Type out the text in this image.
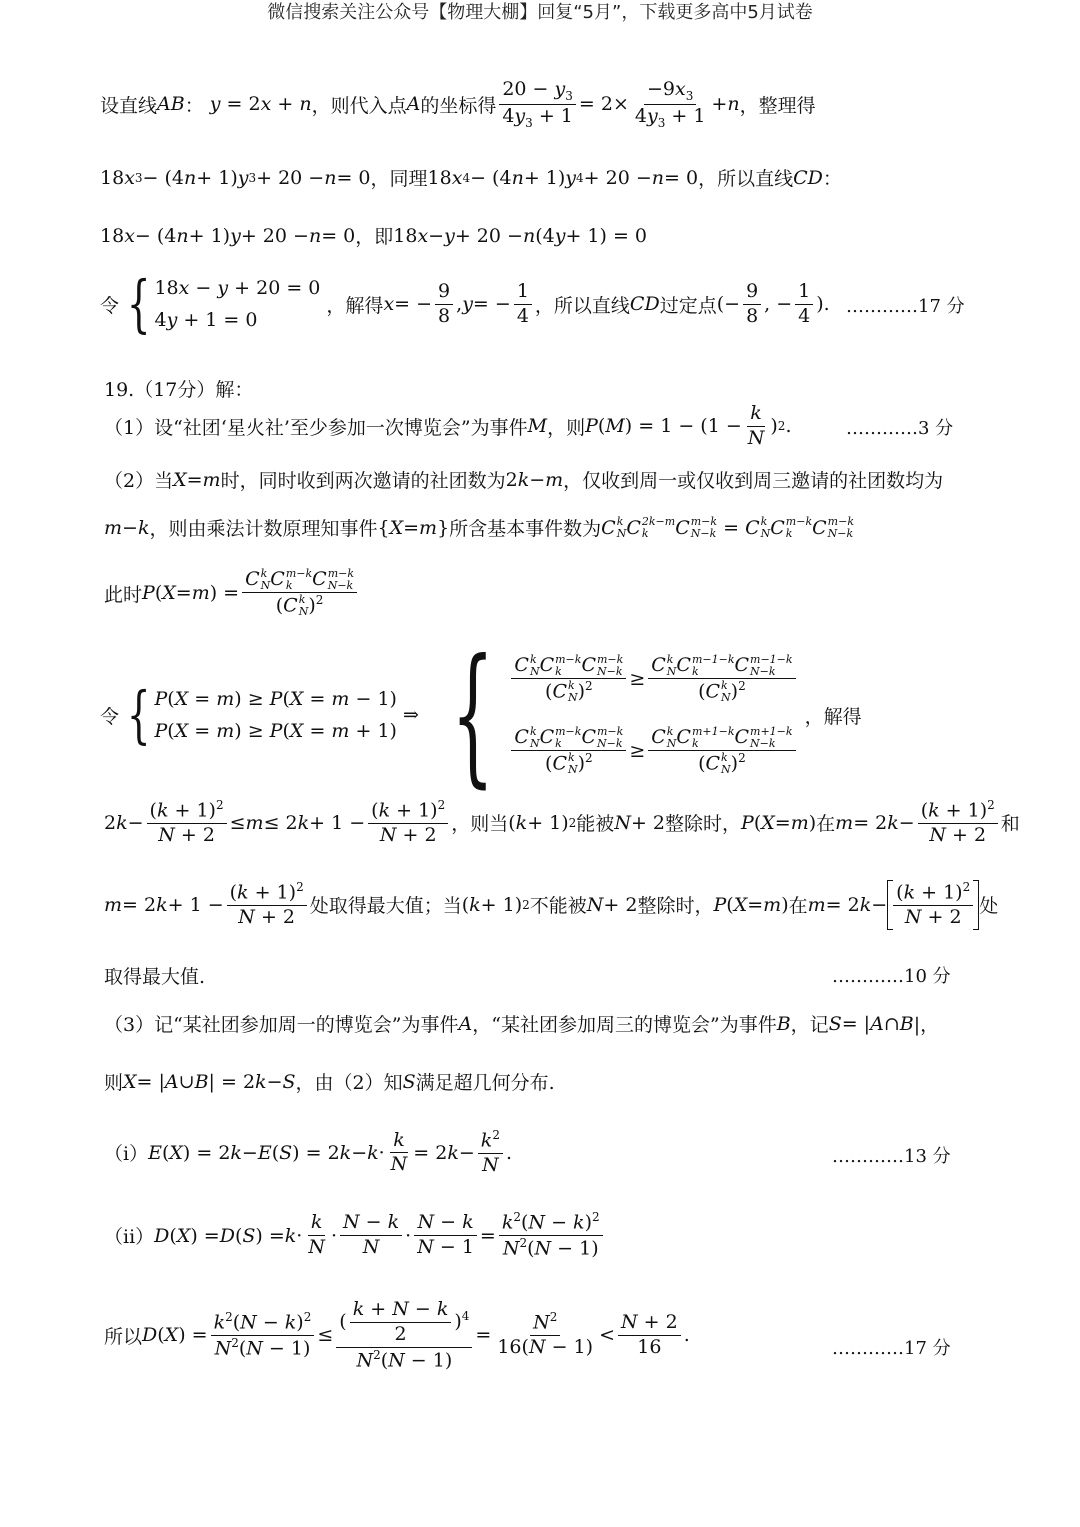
微信搜索关注公众号【物理大棚】回复“5月”，下载更多高中5月试卷
设直线 AB ：
y = 2 x + n ，则代入点 A 的坐标得 $\frac{20 - y_3}{4y_3 + 1} = 2\times \frac{-9x_3}{4y_3 + 1} + n$ ，整理得
18 x 3 − (4 n + 1) y 3 + 20 − n = 0 ，同理 18 x 4 − (4 n + 1) y 4 + 20 − n = 0 ，所以直线 CD ：
18 x − (4 n + 1) y + 20 − n = 0 ，即 18 x − y + 20 − n (4 y + 1) = 0
令 { 18x − y + 20 = 0
4y + 1 = 0

，解得 x = − $\frac{9}{8}$ , y = − $\frac{1}{4}$ ，所以直线 CD 过定点 (− $\frac{9}{8}$ , − $\frac{1}{4}$ ). …………17 分
19.（17分）解：
（1）设“社团‘星火社’至少参加一次博览会”为事件 M ，则 P ( M ) = $1 - (1 - \frac{k}{N}$ ) 2 .	…………3 分
（2）当 X = m 时，同时收到两次邀请的社团数为 2 k − m ，仅收到周一或仅收到周三邀请的社团数均为
m − k ，则由乘法计数原理知事件 { X = m } 所含基本事件数为 C k
N C 2k−m
k	C m−k
N−k = C k
N C m−k
k	C m−k
N−k
此时 P ( X = m ) = C k
N C m−k
k	C m−k
N−k
(C k
N )$^2$
令 { P(X = m) ≥ P(X = m − 1)
P(X = m) ≥ P(X = m + 1)
⇒ { C k
N C m−k
k	C m−k
N−k
(C k
N )$^2$ ≥ C k
N C m−1−k
k	C m−1−k
N−k
(C k
N )$^2$
C k
N C m−k
k	C m−k
N−k
(C k
N )$^2$ ≥ C k
N C m+1−k
k	C m+1−k
N−k
(C k
N )$^2$

，解得
2 $k - \frac{(k + 1)^2}{N + 2} \le m \le 2$ $k + 1 - \frac{(k + 1)^2}{N + 2}$ ，则当 ( k + 1) 2 能被 N + 2 整除时， P ( X = m ) 在 m = 2 $k - \frac{(k + 1)^2}{N + 2}$ 和
m = 2 $k + 1 - \frac{(k + 1)^2}{N + 2}$ 处取得最大值；当 ( k + 1) 2 不能被 N + 2 整除时， P ( X = m ) 在 m = 2 $k - \frac{(k + 1)^2}{N + 2}$ 处
取得最大值.	…………10 分
（3）记“某社团参加周一的博览会”为事件 A ，“某社团参加周三的博览会”为事件 B ，记 S = | A ∩ B |，
则 X = | A ∪ B | = 2 k − S ，由（2）知 S 满足超几何分布.
（i） E ( X ) = 2 k − E ( S ) = 2 $k - k \cdot \frac{k}{N} = 2$ $k - \frac{k^2}{N}$ .	…………13 分
（ii） D ( X ) = D ( S ) = $k \cdot \frac{k}{N} \cdot \frac{N - k}{N} \cdot \frac{N - k}{N - 1} = \frac{k^2(N - k)^2}{N^2(N - 1)}$
所以 D ( X ) = $\frac{k^2(N - k)^2}{N^2(N - 1)} \le \frac{( \frac{k + N - k}{2} )^4}{N^2(N - 1)} = \frac{N^2}{16(N - 1)} < \frac{N + 2}{16}$ .
…………17 分
